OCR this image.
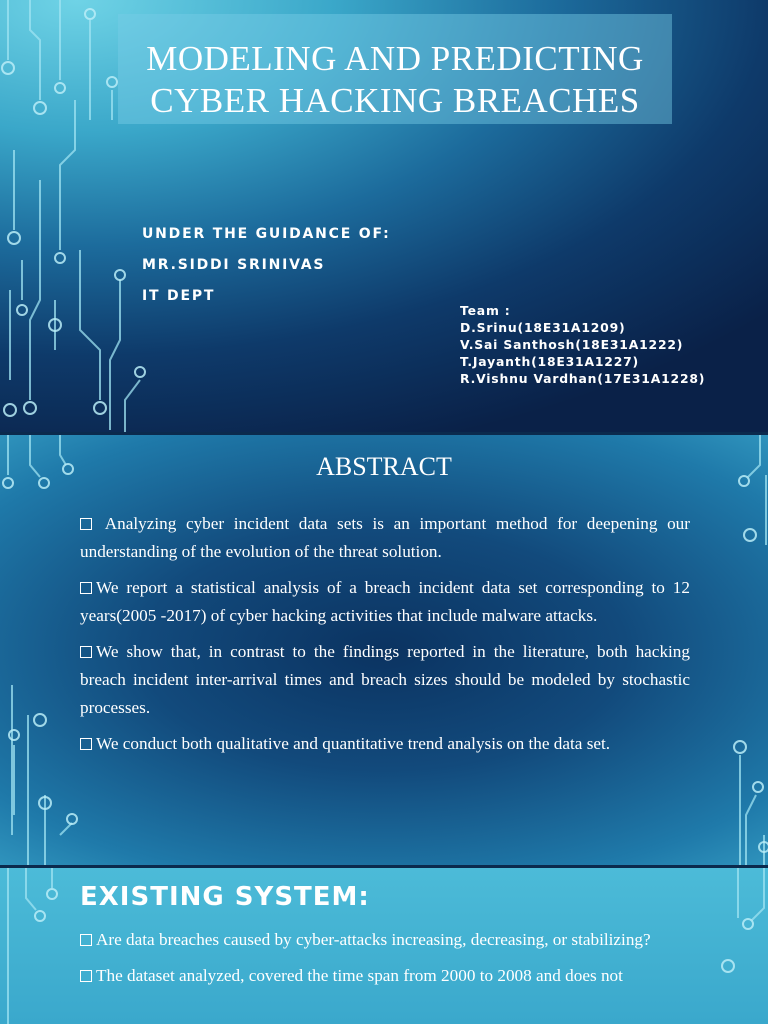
MODELING AND PREDICTING
CYBER HACKING BREACHES
UNDER THE GUIDANCE OF:
MR.SIDDI SRINIVAS
IT DEPT
Team :
D.Srinu(18E31A1209)
V.Sai Santhosh(18E31A1222)
T.Jayanth(18E31A1227)
R.Vishnu Vardhan(17E31A1228)
ABSTRACT

Analyzing cyber incident data sets is an important method for deepening our understanding of the evolution of the threat solution.

We report a statistical analysis of a breach incident data set corresponding to 12 years(2005 -2017) of cyber hacking activities that include malware attacks.

We show that, in contrast to the findings reported in the literature, both hacking breach incident inter-arrival times and breach sizes should be modeled by stochastic processes.

We conduct both qualitative and quantitative trend analysis on the data set.

EXISTING SYSTEM:

Are data breaches caused by cyber-attacks increasing, decreasing, or stabilizing?

The dataset analyzed, covered the time span from 2000 to 2008 and does not
